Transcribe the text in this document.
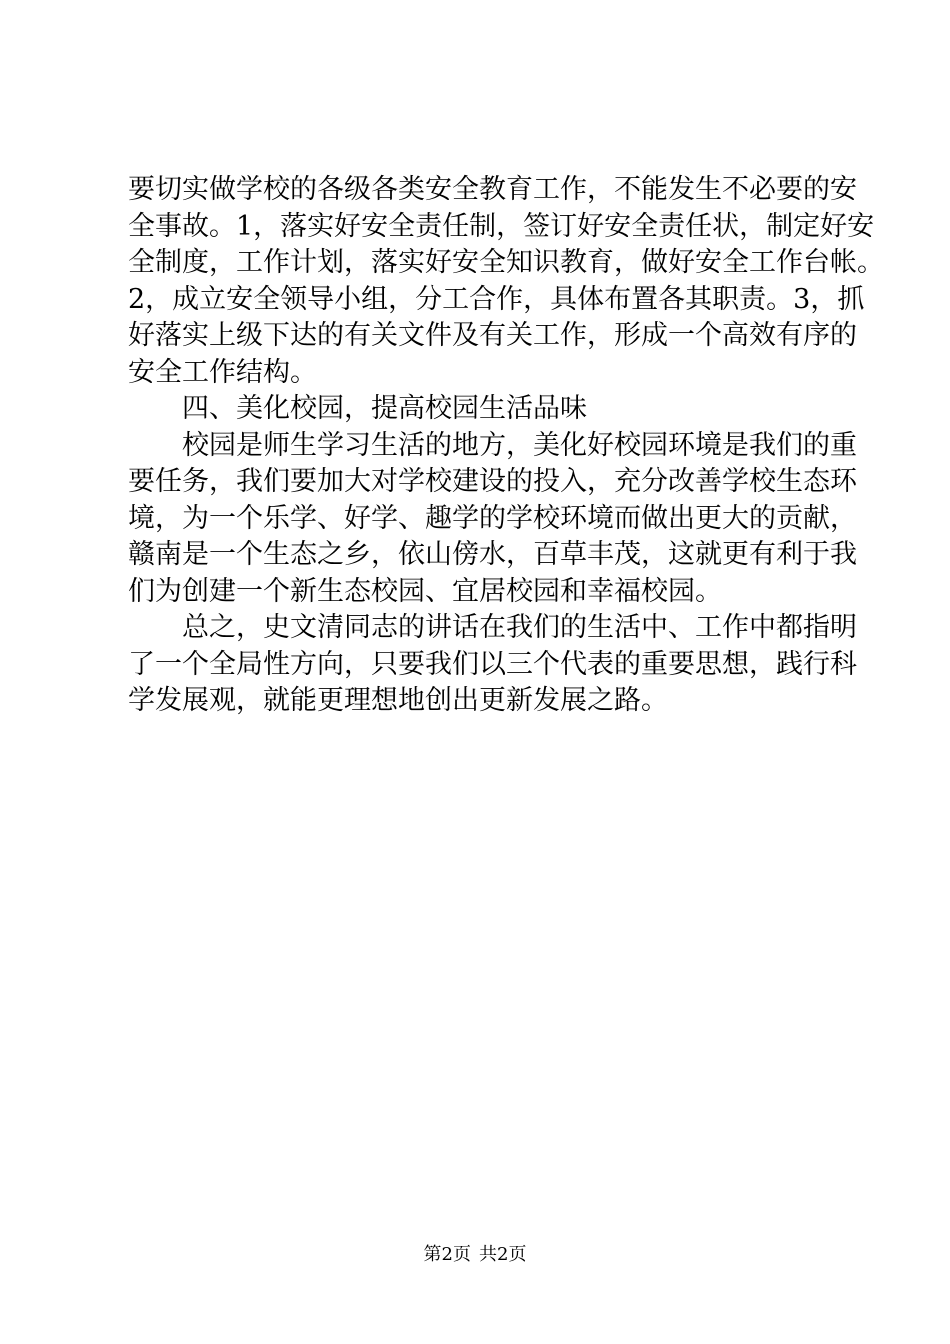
要切实做学校的各级各类安全教育工作，不能发生不必要的安
全事故。1，落实好安全责任制，签订好安全责任状，制定好安
全制度，工作计划，落实好安全知识教育，做好安全工作台帐。
2，成立安全领导小组，分工合作，具体布置各其职责。3，抓
好落实上级下达的有关文件及有关工作，形成一个高效有序的
安全工作结构。
四、美化校园，提高校园生活品味
校园是师生学习生活的地方，美化好校园环境是我们的重
要任务，我们要加大对学校建设的投入，充分改善学校生态环
境，为一个乐学、好学、趣学的学校环境而做出更大的贡献，
赣南是一个生态之乡，依山傍水，百草丰茂，这就更有利于我
们为创建一个新生态校园、宜居校园和幸福校园。
总之，史文清同志的讲话在我们的生活中、工作中都指明
了一个全局性方向，只要我们以三个代表的重要思想，践行科
学发展观，就能更理想地创出更新发展之路。
第2页 共2页
